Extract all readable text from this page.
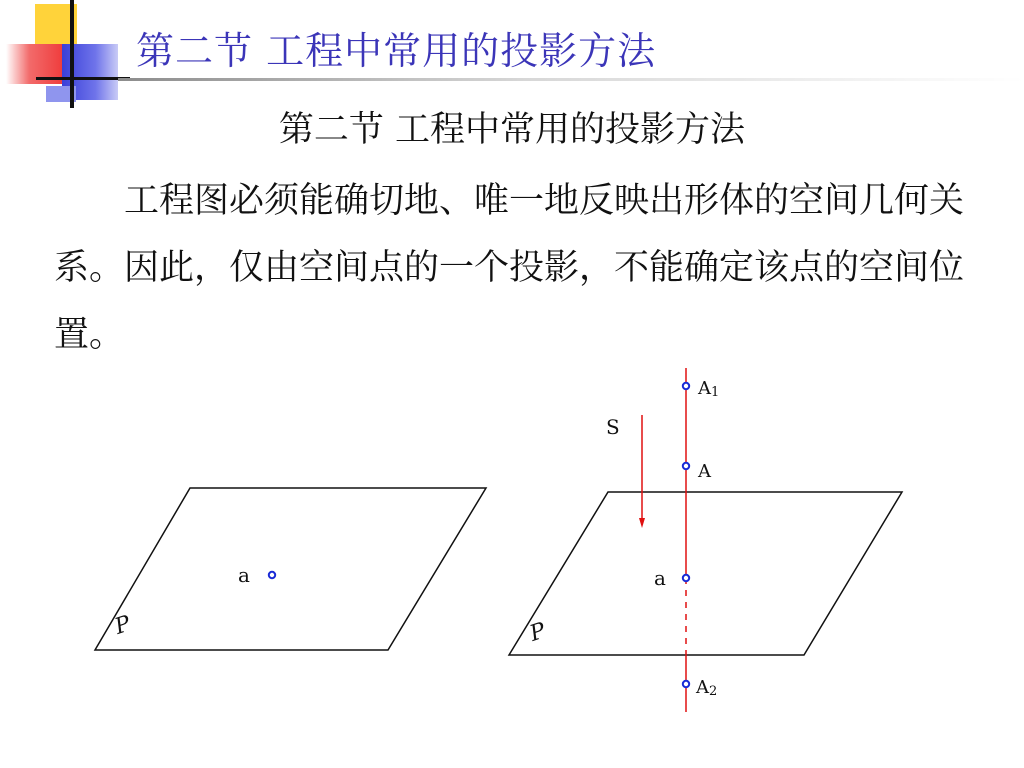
第二节 工程中常用的投影方法
第二节 工程中常用的投影方法
工程图必须能确切地、唯一地反映出形体的空间几何关系。因此，仅由空间点的一个投影，不能确定该点的空间位置。
P
a
P
S
A1
A
a
A2
